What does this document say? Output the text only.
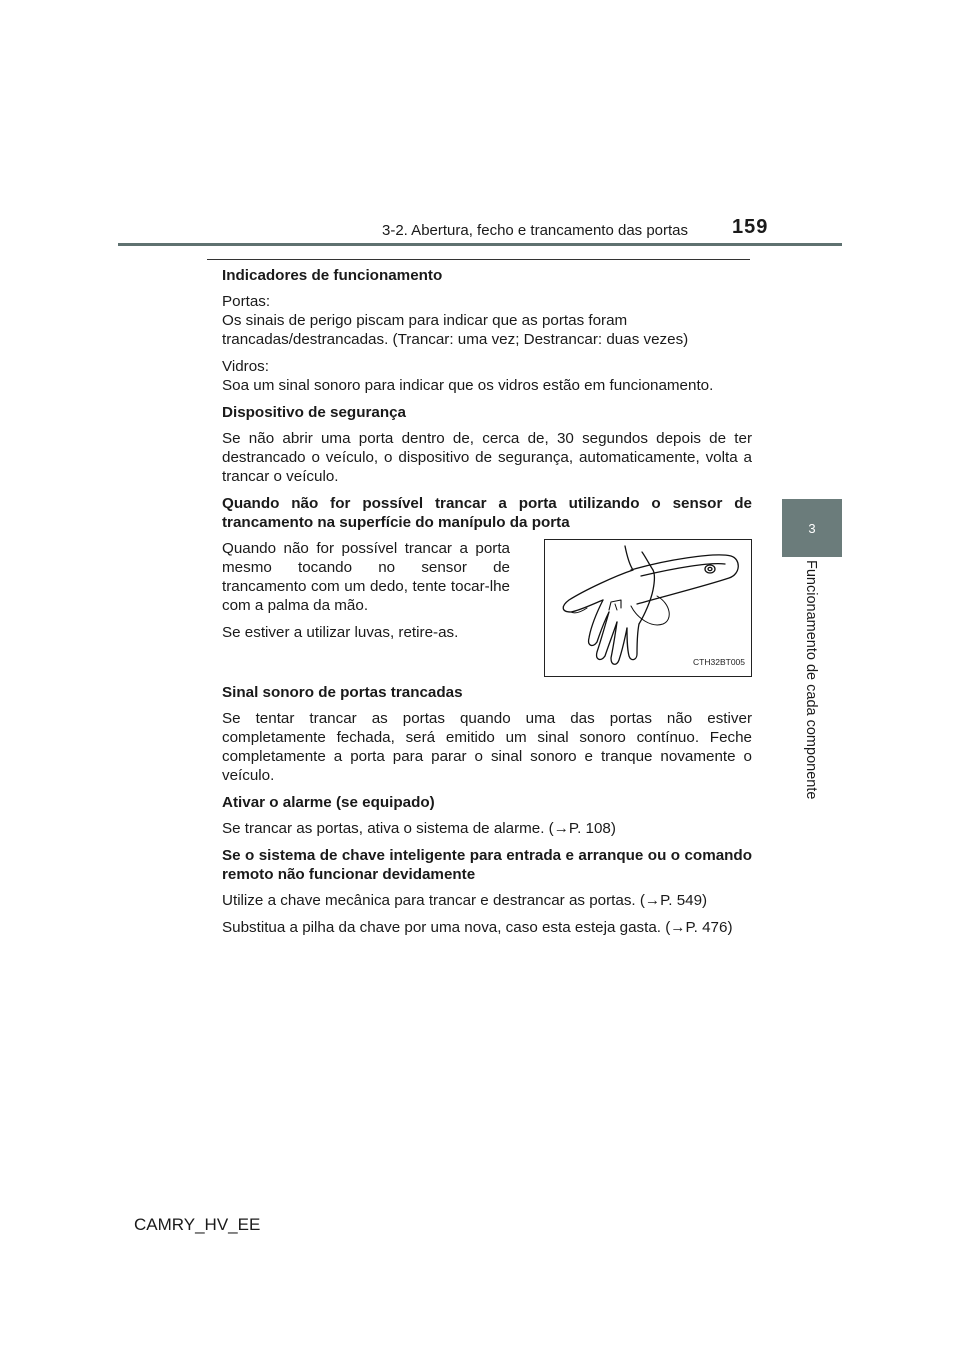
3-2. Abertura, fecho e trancamento das portas 159
3
Funcionamento de cada componente

Indicadores de funcionamento

Portas:
Os sinais de perigo piscam para indicar que as portas foram trancadas/destrancadas. (Trancar: uma vez; Destrancar: duas vezes)

Vidros:
Soa um sinal sonoro para indicar que os vidros estão em funcionamento.

Dispositivo de segurança

Se não abrir uma porta dentro de, cerca de, 30 segundos depois de ter destrancado o veículo, o dispositivo de segurança, automaticamente, volta a trancar o veículo.

Quando não for possível trancar a porta utilizando o sensor de trancamento na superfície do manípulo da porta

Quando não for possível trancar a porta mesmo tocando no sensor de trancamento com um dedo, tente tocar-lhe com a palma da mão.

Se estiver a utilizar luvas, retire-as.

CTH32BT005

Sinal sonoro de portas trancadas

Se tentar trancar as portas quando uma das portas não estiver completamente fechada, será emitido um sinal sonoro contínuo. Feche completamente a porta para parar o sinal sonoro e tranque novamente o veículo.

Ativar o alarme (se equipado)

Se trancar as portas, ativa o sistema de alarme. (→P. 108)

Se o sistema de chave inteligente para entrada e arranque ou o comando remoto não funcionar devidamente

Utilize a chave mecânica para trancar e destrancar as portas. (→P. 549)

Substitua a pilha da chave por uma nova, caso esta esteja gasta. (→P. 476)

CAMRY_HV_EE
